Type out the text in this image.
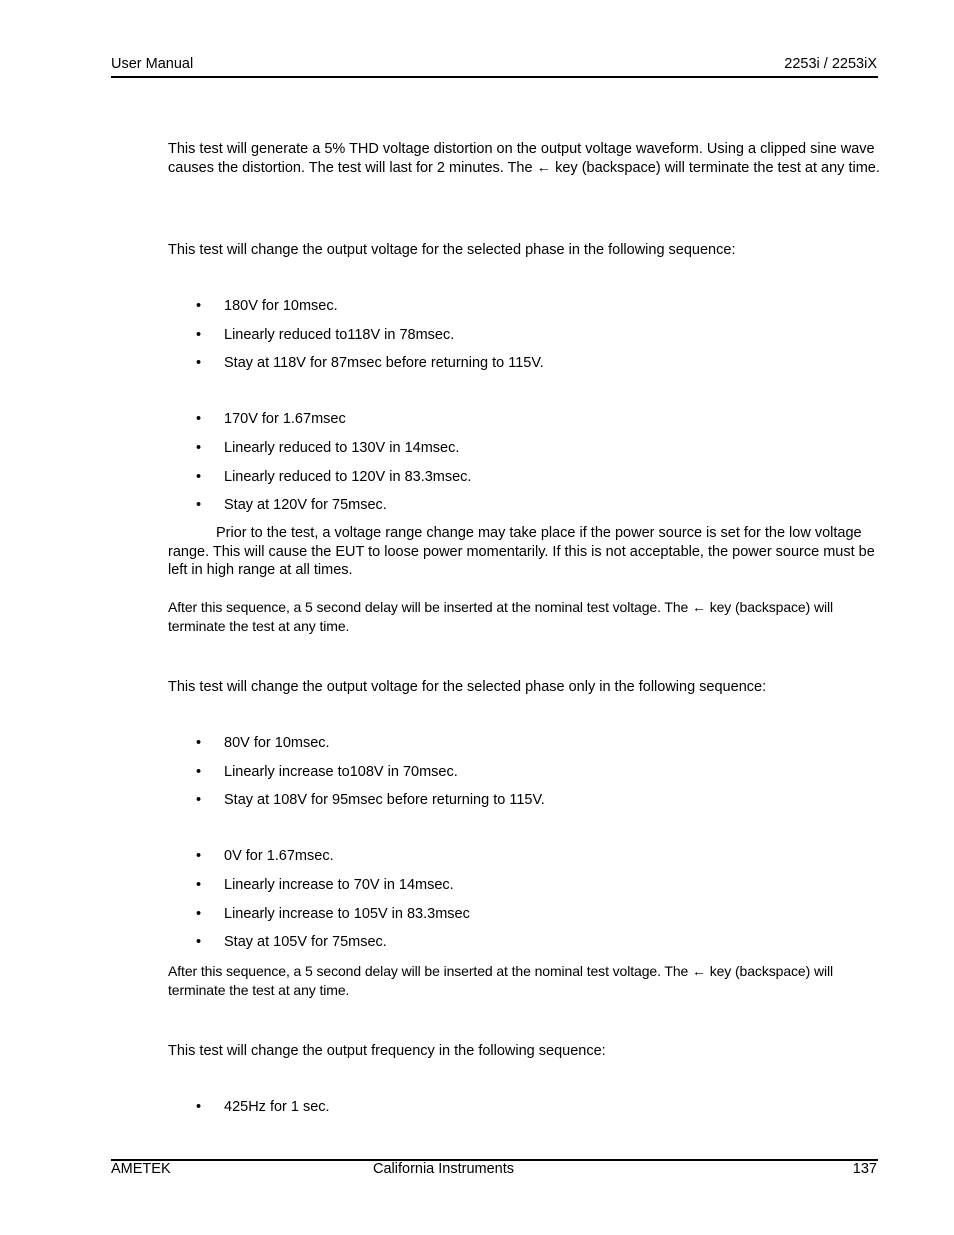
User Manual	2253i / 2253iX
This test will generate a 5% THD voltage distortion on the output voltage waveform. Using a clipped sine wave causes the distortion. The test will last for 2 minutes. The ← key (backspace) will terminate the test at any time.
This test will change the output voltage for the selected phase in the following sequence:
• 180V for 10msec.
• Linearly reduced to118V in 78msec.
• Stay at 118V for 87msec before returning to 115V.
• 170V for 1.67msec
• Linearly reduced to 130V in 14msec.
• Linearly reduced to 120V in 83.3msec.
• Stay at 120V for 75msec.
Prior to the test, a voltage range change may take place if the power source is set for the low voltage range. This will cause the EUT to loose power momentarily. If this is not acceptable, the power source must be left in high range at all times.
After this sequence, a 5 second delay will be inserted at the nominal test voltage. The ← key (backspace) will terminate the test at any time.
This test will change the output voltage for the selected phase only in the following sequence:
• 80V for 10msec.
• Linearly increase to108V in 70msec.
• Stay at 108V for 95msec before returning to 115V.
• 0V for 1.67msec.
• Linearly increase to 70V in 14msec.
• Linearly increase to 105V in 83.3msec
• Stay at 105V for 75msec.
After this sequence, a 5 second delay will be inserted at the nominal test voltage. The ← key (backspace) will terminate the test at any time.
This test will change the output frequency in the following sequence:
• 425Hz for 1 sec.
AMETEK	California Instruments	137
